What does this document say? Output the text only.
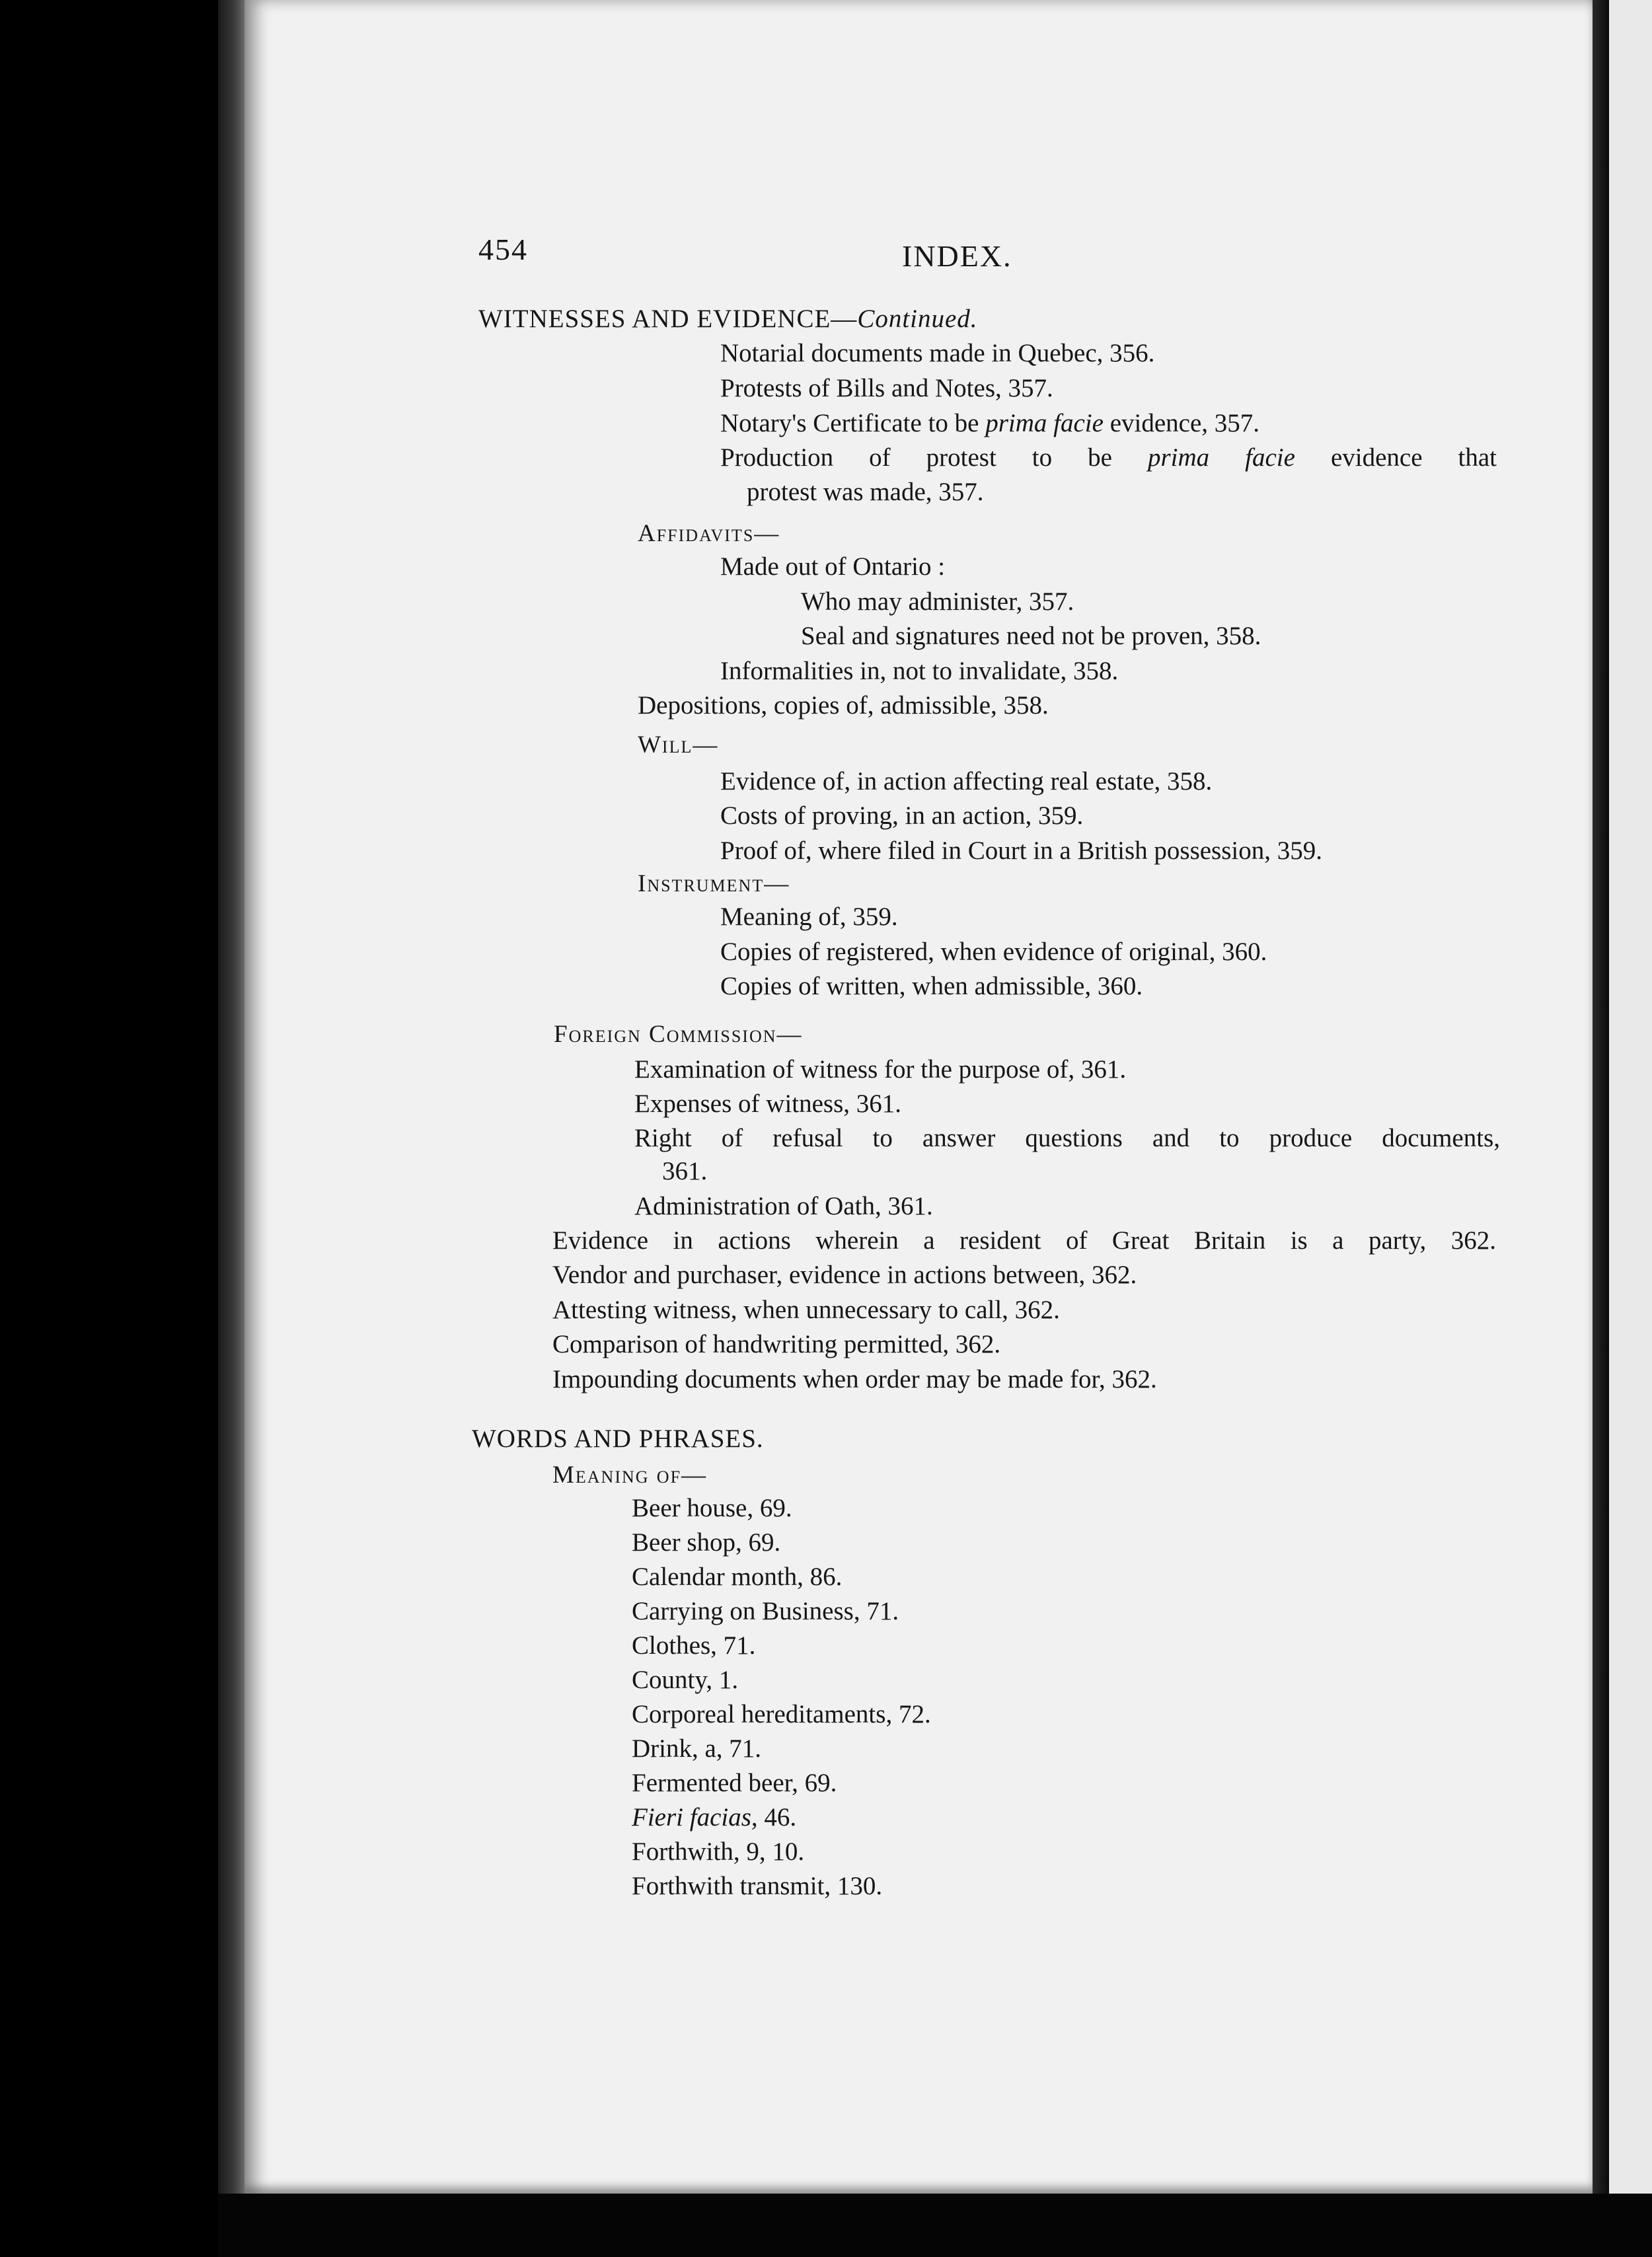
454	INDEX.
WITNESSES AND EVIDENCE—Continued.
Notarial documents made in Quebec, 356.
Protests of Bills and Notes, 357.
Notary's Certificate to be prima facie evidence, 357.
Production of protest to be prima facie evidence that
protest was made, 357.
Affidavits—
Made out of Ontario :
Who may administer, 357.
Seal and signatures need not be proven, 358.
Informalities in, not to invalidate, 358.
Depositions, copies of, admissible, 358.
Will—
Evidence of, in action affecting real estate, 358.
Costs of proving, in an action, 359.
Proof of, where filed in Court in a British possession, 359.
Instrument—
Meaning of, 359.
Copies of registered, when evidence of original, 360.
Copies of written, when admissible, 360.
Foreign Commission—
Examination of witness for the purpose of, 361.
Expenses of witness, 361.
Right of refusal to answer questions and to produce documents,
361.
Administration of Oath, 361.
Evidence in actions wherein a resident of Great Britain is a party, 362.
Vendor and purchaser, evidence in actions between, 362.
Attesting witness, when unnecessary to call, 362.
Comparison of handwriting permitted, 362.
Impounding documents when order may be made for, 362.
WORDS AND PHRASES.
Meaning of—
Beer house, 69.
Beer shop, 69.
Calendar month, 86.
Carrying on Business, 71.
Clothes, 71.
County, 1.
Corporeal hereditaments, 72.
Drink, a, 71.
Fermented beer, 69.
Fieri facias, 46.
Forthwith, 9, 10.
Forthwith transmit, 130.
